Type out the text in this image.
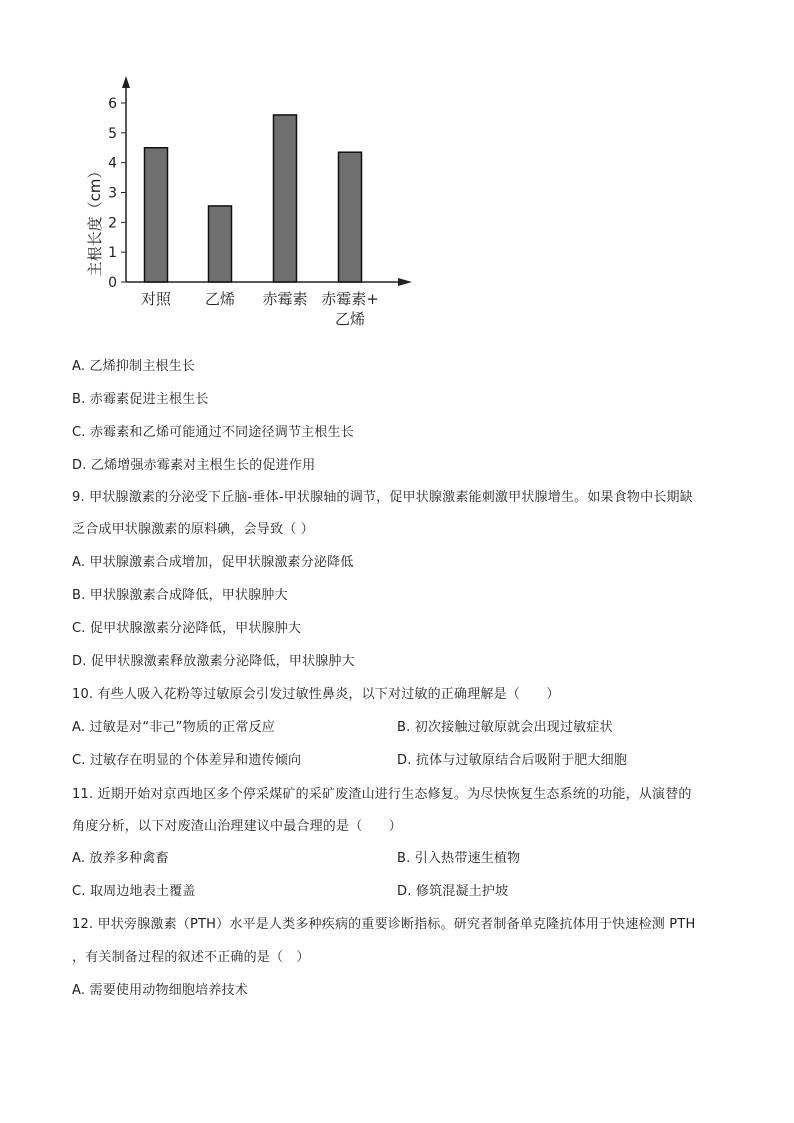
0
1
2
3
4
5
6
对照 乙烯 赤霉素 赤霉素+
乙烯
主根长度（cm）
A. 乙烯抑制主根生长
B. 赤霉素促进主根生长
C. 赤霉素和乙烯可能通过不同途径调节主根生长
D. 乙烯增强赤霉素对主根生长的促进作用
9. 甲状腺激素的分泌受下丘脑-垂体-甲状腺轴的调节，促甲状腺激素能刺激甲状腺增生。如果食物中长期缺
乏合成甲状腺激素的原料碘，会导致（ ）
A. 甲状腺激素合成增加，促甲状腺激素分泌降低
B. 甲状腺激素合成降低，甲状腺肿大
C. 促甲状腺激素分泌降低，甲状腺肿大
D. 促甲状腺激素释放激素分泌降低，甲状腺肿大
10. 有些人吸入花粉等过敏原会引发过敏性鼻炎，以下对过敏的正确理解是（　　）
A. 过敏是对“非己”物质的正常反应	B. 初次接触过敏原就会出现过敏症状
C. 过敏存在明显的个体差异和遗传倾向	D. 抗体与过敏原结合后吸附于肥大细胞
11. 近期开始对京西地区多个停采煤矿的采矿废渣山进行生态修复。为尽快恢复生态系统的功能，从演替的
角度分析，以下对废渣山治理建议中最合理的是（　　）
A. 放养多种禽畜	B. 引入热带速生植物
C. 取周边地表土覆盖	D. 修筑混凝土护坡
12. 甲状旁腺激素（PTH）水平是人类多种疾病的重要诊断指标。研究者制备单克隆抗体用于快速检测 PTH
，有关制备过程的叙述不正确的是（　）
A. 需要使用动物细胞培养技术
